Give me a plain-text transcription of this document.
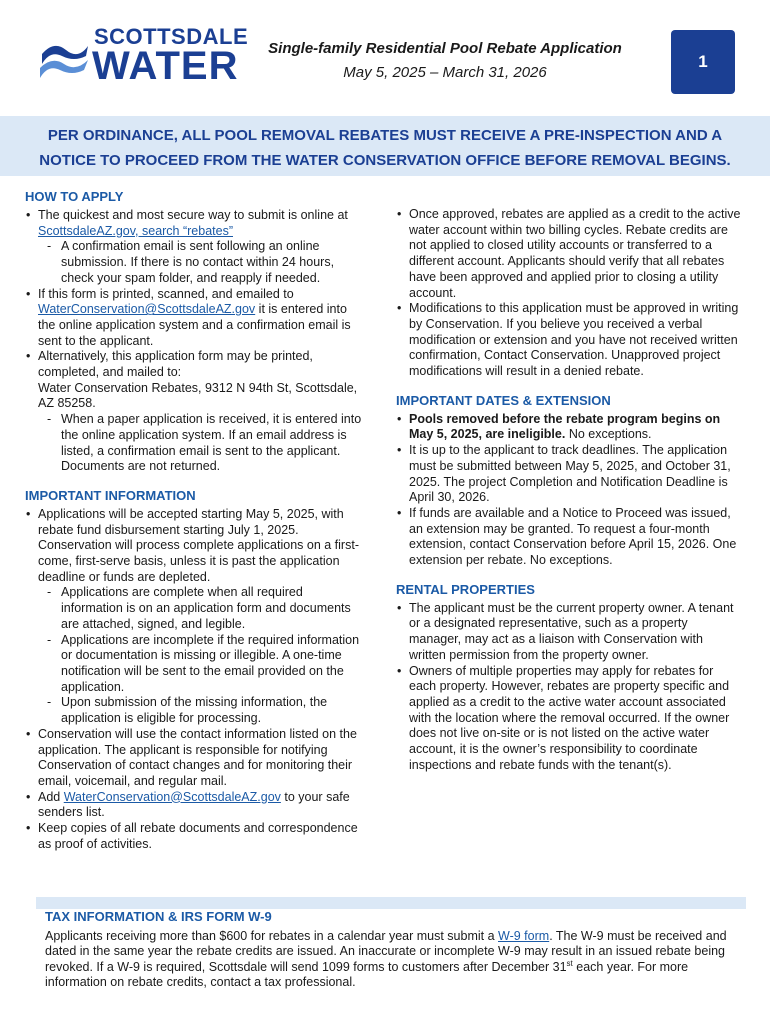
SCOTTSDALE
WATER	Single-family Residential Pool Rebate Application
May 5, 2025 – March 31, 2026
1
PER ORDINANCE, ALL POOL REMOVAL REBATES MUST RECEIVE A PRE-INSPECTION AND A
NOTICE TO PROCEED FROM THE WATER CONSERVATION OFFICE BEFORE REMOVAL BEGINS.
HOW TO APPLY
• The quickest and most secure way to submit is online at ScottsdaleAZ.gov, search “rebates”
- A confirmation email is sent following an online submission. If there is no contact within 24 hours, check your spam folder, and reapply if needed.
• If this form is printed, scanned, and emailed to WaterConservation@ScottsdaleAZ.gov it is entered into the online application system and a confirmation email is sent to the applicant.
• Alternatively, this application form may be printed, completed, and mailed to:
Water Conservation Rebates, 9312 N 94th St, Scottsdale, AZ 85258.
- When a paper application is received, it is entered into the online application system. If an email address is listed, a confirmation email is sent to the applicant. Documents are not returned.
IMPORTANT INFORMATION
• Applications will be accepted starting May 5, 2025, with rebate fund disbursement starting July 1, 2025. Conservation will process complete applications on a first-come, first-serve basis, unless it is past the application deadline or funds are depleted.
- Applications are complete when all required information is on an application form and documents are attached, signed, and legible.
- Applications are incomplete if the required information or documentation is missing or illegible. A one-time notification will be sent to the email provided on the application.
- Upon submission of the missing information, the application is eligible for processing.
• Conservation will use the contact information listed on the application. The applicant is responsible for notifying Conservation of contact changes and for monitoring their email, voicemail, and regular mail.
• Add WaterConservation@ScottsdaleAZ.gov to your safe senders list.
• Keep copies of all rebate documents and correspondence as proof of activities.
• Once approved, rebates are applied as a credit to the active water account within two billing cycles. Rebate credits are not applied to closed utility accounts or transferred to a different account. Applicants should verify that all rebates have been approved and applied prior to closing a utility account.
• Modifications to this application must be approved in writing by Conservation. If you believe you received a verbal modification or extension and you have not received written confirmation, Contact Conservation. Unapproved project modifications will result in a denied rebate.
IMPORTANT DATES & EXTENSION
• Pools removed before the rebate program begins on May 5, 2025, are ineligible. No exceptions.
• It is up to the applicant to track deadlines. The application must be submitted between May 5, 2025, and October 31, 2025. The project Completion and Notification Deadline is April 30, 2026.
• If funds are available and a Notice to Proceed was issued, an extension may be granted. To request a four-month extension, contact Conservation before April 15, 2026. One extension per rebate. No exceptions.
RENTAL PROPERTIES
• The applicant must be the current property owner. A tenant or a designated representative, such as a property manager, may act as a liaison with Conservation with written permission from the property owner.
• Owners of multiple properties may apply for rebates for each property. However, rebates are property specific and applied as a credit to the active water account associated with the location where the removal occurred. If the owner does not live on-site or is not listed on the active water account, it is the owner’s responsibility to coordinate inspections and rebate funds with the tenant(s).
TAX INFORMATION & IRS FORM W-9
Applicants receiving more than $600 for rebates in a calendar year must submit a W-9 form. The W-9 must be received and dated in the same year the rebate credits are issued. An inaccurate or incomplete W-9 may result in an issued rebate being revoked. If a W-9 is required, Scottsdale will send 1099 forms to customers after December 31st each year. For more information on rebate credits, contact a tax professional.
